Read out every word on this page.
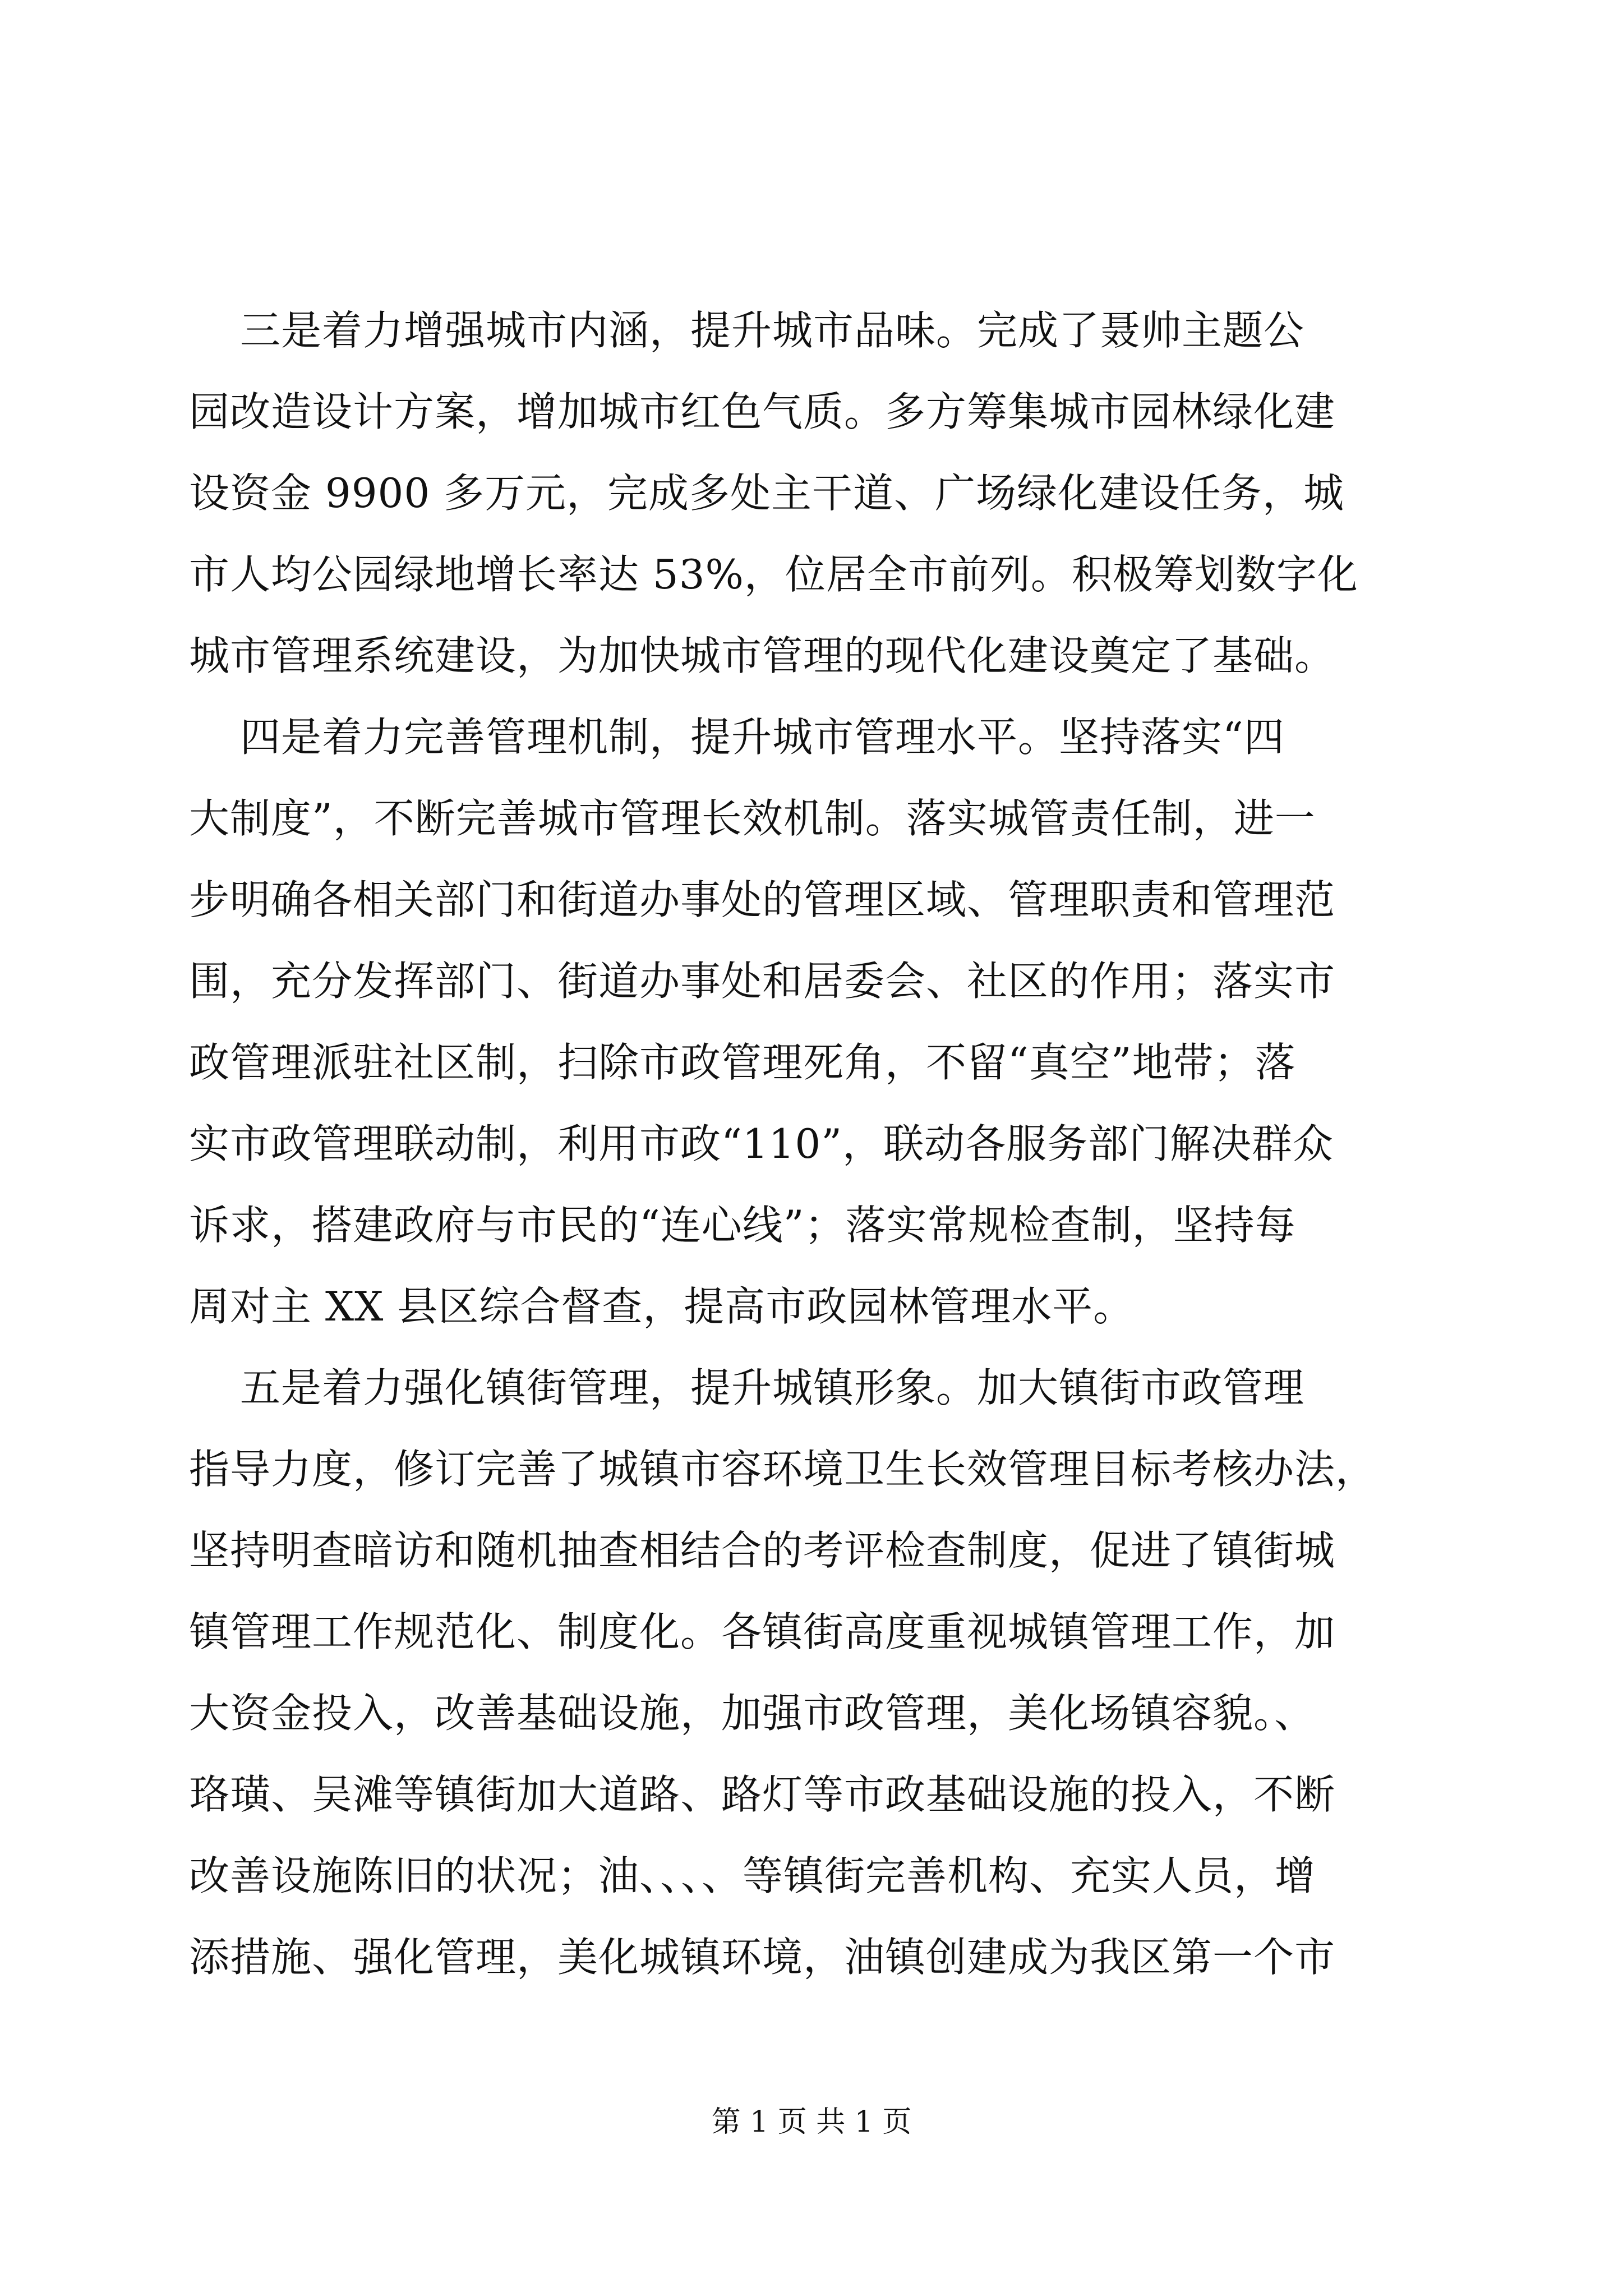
三是着力增强城市内涵，提升城市品味。完成了聂帅主题公
园改造设计方案，增加城市红色气质。多方筹集城市园林绿化建
设资金 9900 多万元，完成多处主干道、广场绿化建设任务，城
市人均公园绿地增长率达 53%，位居全市前列。积极筹划数字化
城市管理系统建设，为加快城市管理的现代化建设奠定了基础。
四是着力完善管理机制，提升城市管理水平。坚持落实“四
大制度”，不断完善城市管理长效机制。落实城管责任制，进一
步明确各相关部门和街道办事处的管理区域、管理职责和管理范
围，充分发挥部门、街道办事处和居委会、社区的作用；落实市
政管理派驻社区制，扫除市政管理死角，不留“真空”地带；落
实市政管理联动制，利用市政“110”，联动各服务部门解决群众
诉求，搭建政府与市民的“连心线”；落实常规检查制，坚持每
周对主 XX 县区综合督查，提高市政园林管理水平。
五是着力强化镇街管理，提升城镇形象。加大镇街市政管理
指导力度，修订完善了城镇市容环境卫生长效管理目标考核办法，
坚持明查暗访和随机抽查相结合的考评检查制度，促进了镇街城
镇管理工作规范化、制度化。各镇街高度重视城镇管理工作，加
大资金投入，改善基础设施，加强市政管理，美化场镇容貌。、
珞璜、吴滩等镇街加大道路、路灯等市政基础设施的投入，不断
改善设施陈旧的状况；油、、、、等镇街完善机构、充实人员，增
添措施、强化管理，美化城镇环境，油镇创建成为我区第一个市
第 1 页 共 1 页
